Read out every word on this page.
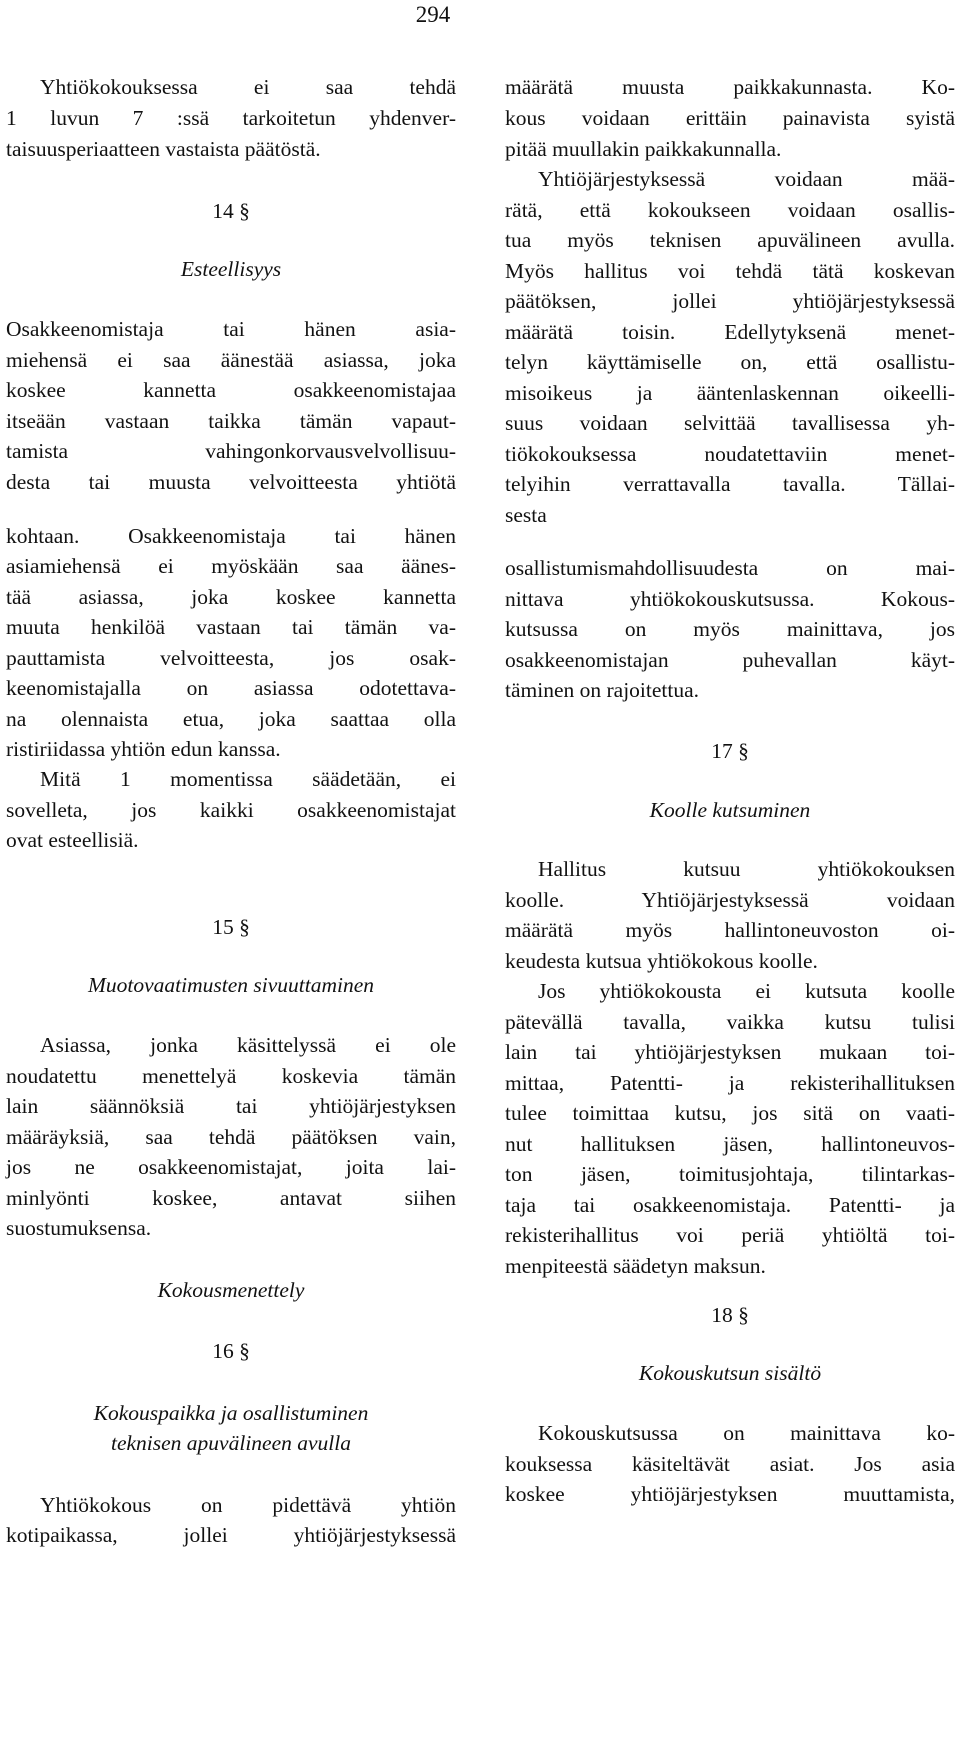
294
Yhtiökokouksessa ei saa tehdä
1 luvun 7 :ssä tarkoitetun yhdenver-
taisuusperiaatteen vastaista päätöstä.
14 §
Esteellisyys
Osakkeenomistaja tai hänen asia-
miehensä ei saa äänestää asiassa, joka
koskee kannetta osakkeenomistajaa
itseään vastaan taikka tämän vapaut-
tamista vahingonkorvausvelvollisuu-
desta tai muusta velvoitteesta yhtiötä
kohtaan. Osakkeenomistaja tai hänen
asiamiehensä ei myöskään saa äänes-
tää asiassa, joka koskee kannetta
muuta henkilöä vastaan tai tämän va-
pauttamista velvoitteesta, jos osak-
keenomistajalla on asiassa odotettava-
na olennaista etua, joka saattaa olla
ristiriidassa yhtiön edun kanssa.
Mitä 1 momentissa säädetään, ei
sovelleta, jos kaikki osakkeenomistajat
ovat esteellisiä.
15 §
Muotovaatimusten sivuuttaminen
Asiassa, jonka käsittelyssä ei ole
noudatettu menettelyä koskevia tämän
lain säännöksiä tai yhtiöjärjestyksen
määräyksiä, saa tehdä päätöksen vain,
jos ne osakkeenomistajat, joita lai-
minlyönti koskee, antavat siihen
suostumuksensa.
Kokousmenettely
16 §
Kokouspaikka ja osallistuminen
teknisen apuvälineen avulla
Yhtiökokous on pidettävä yhtiön
kotipaikassa, jollei yhtiöjärjestyksessä
määrätä muusta paikkakunnasta. Ko-
kous voidaan erittäin painavista syistä
pitää muullakin paikkakunnalla.
Yhtiöjärjestyksessä voidaan mää-
rätä, että kokoukseen voidaan osallis-
tua myös teknisen apuvälineen avulla.
Myös hallitus voi tehdä tätä koskevan
päätöksen, jollei yhtiöjärjestyksessä
määrätä toisin. Edellytyksenä menet-
telyn käyttämiselle on, että osallistu-
misoikeus ja ääntenlaskennan oikeelli-
suus voidaan selvittää tavallisessa yh-
tiökokouksessa noudatettaviin menet-
telyihin verrattavalla tavalla. Tällai-
sesta
osallistumismahdollisuudesta on mai-
nittava yhtiökokouskutsussa. Kokous-
kutsussa on myös mainittava, jos
osakkeenomistajan puhevallan käyt-
täminen on rajoitettua.
17 §
Koolle kutsuminen
Hallitus kutsuu yhtiökokouksen
koolle. Yhtiöjärjestyksessä voidaan
määrätä myös hallintoneuvoston oi-
keudesta kutsua yhtiökokous koolle.
Jos yhtiökokousta ei kutsuta koolle
pätevällä tavalla, vaikka kutsu tulisi
lain tai yhtiöjärjestyksen mukaan toi-
mittaa, Patentti- ja rekisterihallituksen
tulee toimittaa kutsu, jos sitä on vaati-
nut hallituksen jäsen, hallintoneuvos-
ton jäsen, toimitusjohtaja, tilintarkas-
taja tai osakkeenomistaja. Patentti- ja
rekisterihallitus voi periä yhtiöltä toi-
menpiteestä säädetyn maksun.
18 §
Kokouskutsun sisältö
Kokouskutsussa on mainittava ko-
kouksessa käsiteltävät asiat. Jos asia
koskee yhtiöjärjestyksen muuttamista,
